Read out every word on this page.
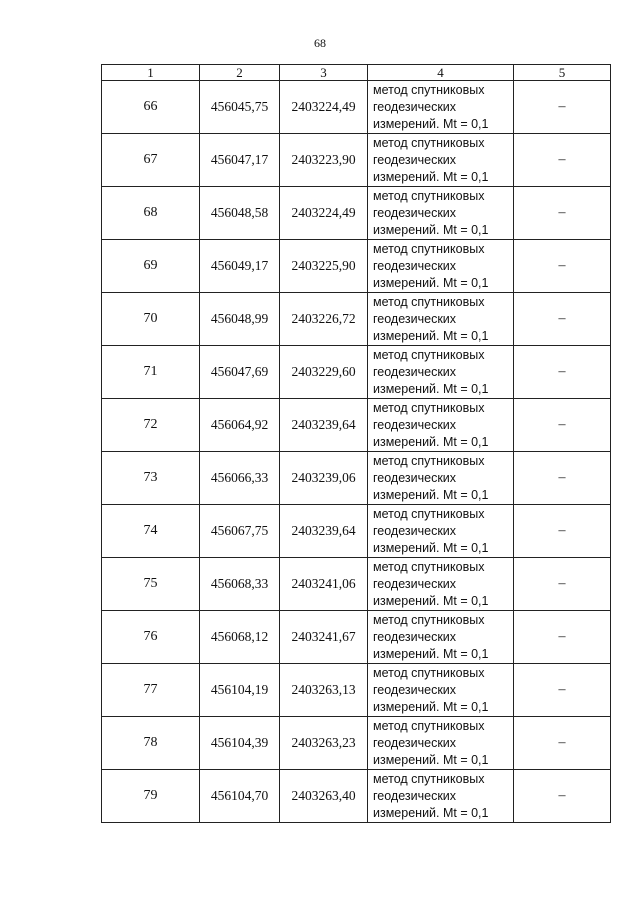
68
1	2	3	4	5
66	456045,75	2403224,49	метод спутниковых
геодезических
измерений. Mt = 0,1	–
67	456047,17	2403223,90	метод спутниковых
геодезических
измерений. Mt = 0,1	–
68	456048,58	2403224,49	метод спутниковых
геодезических
измерений. Mt = 0,1	–
69	456049,17	2403225,90	метод спутниковых
геодезических
измерений. Mt = 0,1	–
70	456048,99	2403226,72	метод спутниковых
геодезических
измерений. Mt = 0,1	–
71	456047,69	2403229,60	метод спутниковых
геодезических
измерений. Mt = 0,1	–
72	456064,92	2403239,64	метод спутниковых
геодезических
измерений. Mt = 0,1	–
73	456066,33	2403239,06	метод спутниковых
геодезических
измерений. Mt = 0,1	–
74	456067,75	2403239,64	метод спутниковых
геодезических
измерений. Mt = 0,1	–
75	456068,33	2403241,06	метод спутниковых
геодезических
измерений. Mt = 0,1	–
76	456068,12	2403241,67	метод спутниковых
геодезических
измерений. Mt = 0,1	–
77	456104,19	2403263,13	метод спутниковых
геодезических
измерений. Mt = 0,1	–
78	456104,39	2403263,23	метод спутниковых
геодезических
измерений. Mt = 0,1	–
79	456104,70	2403263,40	метод спутниковых
геодезических
измерений. Mt = 0,1	–
